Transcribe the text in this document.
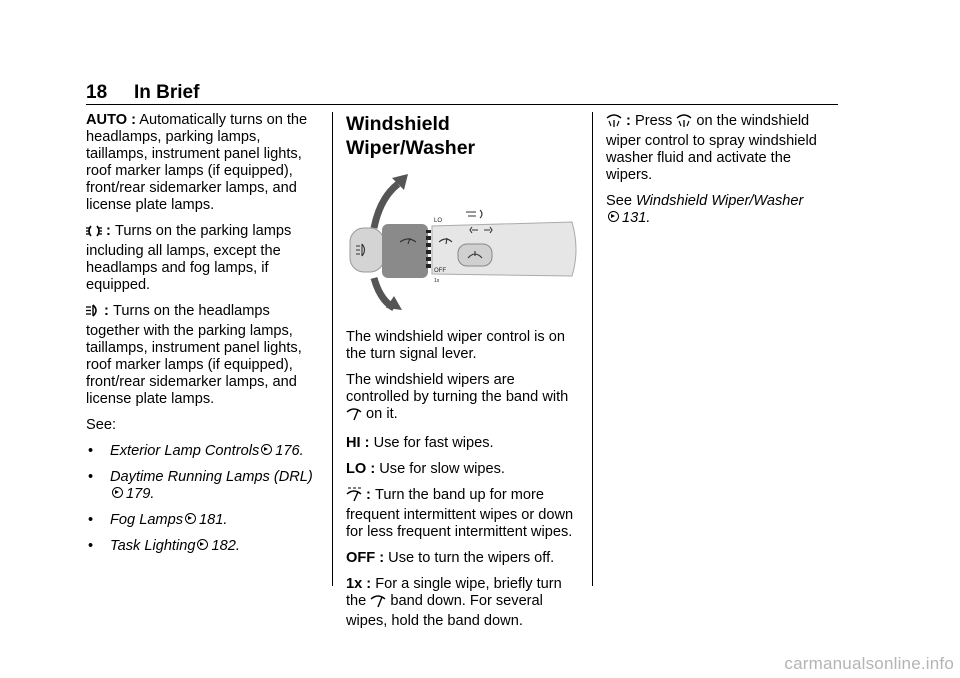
18 In Brief

AUTO : Automatically turns on the headlamps, parking lamps, taillamps, instrument panel lights, roof marker lamps (if equipped), front/rear sidemarker lamps, and license plate lamps.

: Turns on the parking lamps including all lamps, except the headlamps and fog lamps, if equipped.

: Turns on the headlamps together with the parking lamps, taillamps, instrument panel lights, roof marker lamps (if equipped), front/rear sidemarker lamps, and license plate lamps.

See:

•	Exterior Lamp Controls 176.
•	Daytime Running Lamps (DRL)
179.
•	Fog Lamps 181.
•	Task Lighting 182.
Windshield Wiper/Washer
LO
OFF
1x

The windshield wiper control is on the turn signal lever.

The windshield wipers are controlled by turning the band with  on it.

HI : Use for fast wipes.

LO : Use for slow wipes.

: Turn the band up for more frequent intermittent wipes or down for less frequent intermittent wipes.

OFF : Use to turn the wipers off.

1x : For a single wipe, briefly turn the  band down. For several wipes, hold the band down.

: Press  on the windshield wiper control to spray windshield washer fluid and activate the wipers.

See Windshield Wiper/Washer
131.

carmanualsonline.info
